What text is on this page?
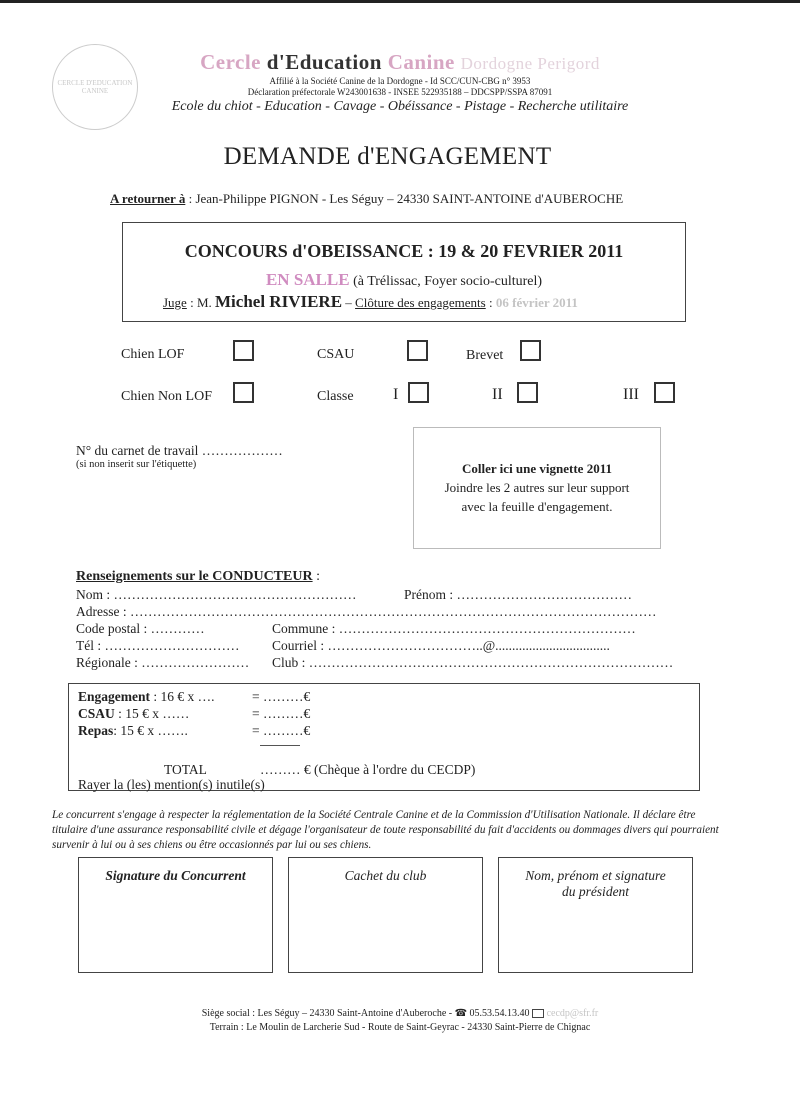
CERCLE D'EDUCATION CANINE
Cercle d'Education Canine Dordogne Perigord
Affilié à la Société Canine de la Dordogne - Id SCC/CUN-CBG n° 3953
Déclaration préfectorale W243001638 - INSEE 522935188 – DDCSPP/SSPA 87091
Ecole du chiot - Education - Cavage - Obéissance - Pistage - Recherche utilitaire
DEMANDE d'ENGAGEMENT
A retourner à : Jean-Philippe PIGNON - Les Séguy – 24330 SAINT-ANTOINE d'AUBEROCHE
CONCOURS d'OBEISSANCE : 19 & 20 FEVRIER 2011
EN SALLE (à Trélissac, Foyer socio-culturel)
Juge : M. Michel RIVIERE – Clôture des engagements : 06 février 2011
Chien LOF	CSAU	Brevet
Chien Non LOF	Classe I	II	III
N° du carnet de travail ………………
(si non inserit sur l'étiquette)	Coller ici une vignette 2011
Joindre les 2 autres sur leur support
avec la feuille d'engagement.
Renseignements sur le CONDUCTEUR :
Nom : ………………………………………………	Prénom : …………………………………
Adresse : ………………………………………………………………………………………………………
Code postal : …………	Commune : …………………………………………………………
Tél : ………………………… Courriel : ……………………………..@..................................
Régionale : …………………… Club : ………………………………………………………………………
Engagement : 16 € x ….	= ………€
CSAU : 15 € x ……	= ………€
Repas: 15 € x …….	= ………€
TOTAL	……… € (Chèque à l'ordre du CECDP)
Rayer la (les) mention(s) inutile(s)
Le concurrent s'engage à respecter la réglementation de la Société Centrale Canine et de la Commission d'Utilisation Nationale. Il déclare être titulaire d'une assurance responsabilité civile et dégage l'organisateur de toute responsabilité du fait d'accidents ou dommages divers qui pourraient survenir à lui ou à ses chiens ou être occasionnés par lui ou ses chiens.
Signature du Concurrent	Cachet du club	Nom, prénom et signature du président
Siège social : Les Séguy – 24330 Saint-Antoine d'Auberoche - ☎ 05.53.54.13.40 cecdp@sfr.fr
Terrain : Le Moulin de Larcherie Sud - Route de Saint-Geyrac - 24330 Saint-Pierre de Chignac
